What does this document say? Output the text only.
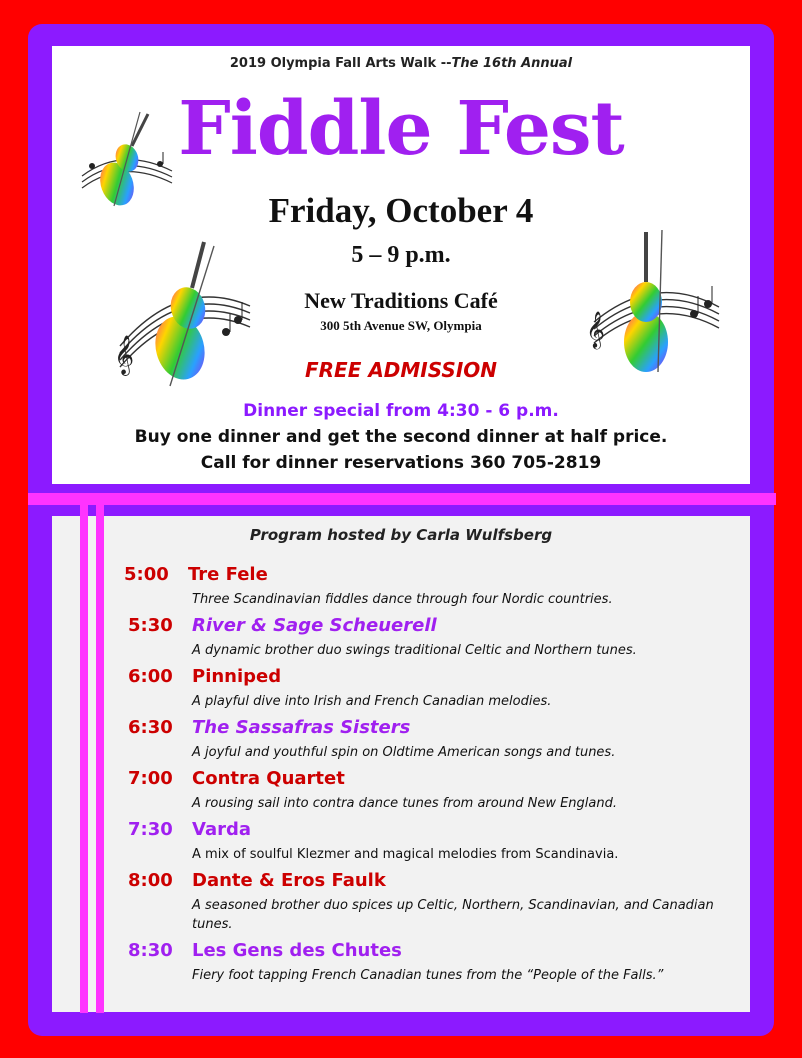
2019 Olympia Fall Arts Walk --The 16th Annual
Fiddle Fest
Friday, October 4
5 – 9 p.m.
New Traditions Café
300 5th Avenue SW, Olympia
FREE ADMISSION
Dinner special from 4:30 - 6 p.m.
Buy one dinner and get the second dinner at half price.
Call for dinner reservations 360 705-2819
𝄞
𝄞
Program hosted by Carla Wulfsberg
5:00 Tre Fele
Three Scandinavian fiddles dance through four Nordic countries.
5:30 River & Sage Scheuerell
A dynamic brother duo swings traditional Celtic and Northern tunes.
6:00 Pinniped
A playful dive into Irish and French Canadian melodies.
6:30 The Sassafras Sisters
A joyful and youthful spin on Oldtime American songs and tunes.
7:00 Contra Quartet
A rousing sail into contra dance tunes from around New England.
7:30 Varda
A mix of soulful Klezmer and magical melodies from Scandinavia.
8:00 Dante & Eros Faulk
A seasoned brother duo spices up Celtic, Northern, Scandinavian, and Canadian tunes.
8:30 Les Gens des Chutes
Fiery foot tapping French Canadian tunes from the “People of the Falls.”
